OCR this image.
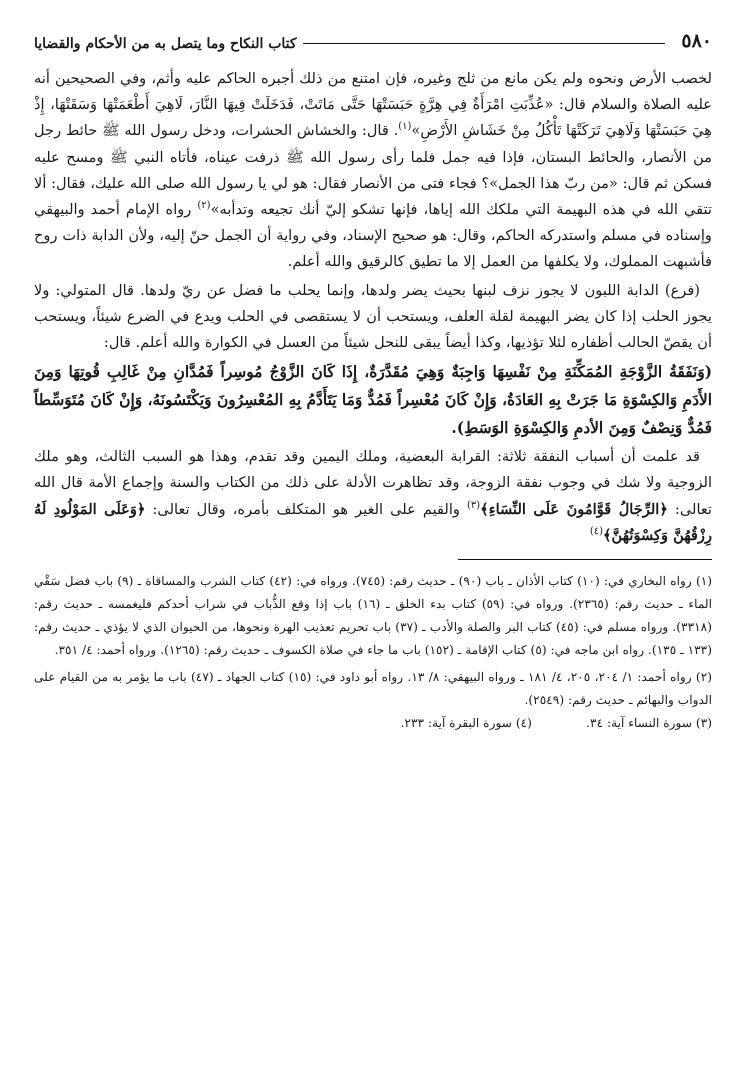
٥٨٠
كتاب النكاح وما يتصل به من الأحكام والقضايا

لخصب الأرض ونحوه ولم يكن مانع من ثلج وغيره، فإن امتنع من ذلك أجبره الحاكم عليه وأثم، وفي الصحيحين أنه عليه الصلاة والسلام قال: «عُذِّبَتِ امْرَأَةٌ فِي هِرَّةٍ حَبَسَتْهَا حَتَّى مَاتَتْ، فَدَخَلَتْ فِيهَا النَّارَ، لَاهِيَ أَطْعَمَتْهَا وَسَقَتْهَا، إِذْ هِيَ حَبَسَتْهَا وَلَاهِيَ تَرَكَتْهَا تَأْكُلُ مِنْ خَشَاشِ الأَرْضِ»$^{(١)}$. قال: والخشاش الحشرات، ودخل رسول الله ﷺ حائط رجل من الأنصار، والحائط البستان، فإذا فيه جمل فلما رأى رسول الله ﷺ ذرفت عيناه، فأتاه النبي ﷺ ومسح عليه فسكن ثم قال: «من ربّ هذا الجمل»؟ فجاء فتى من الأنصار فقال: هو لي يا رسول الله صلى الله عليك، فقال: ألا تتقي الله في هذه البهيمة التي ملكك الله إياها، فإنها تشكو إليّ أنك تجيعه وتدأبه»$^{(٢)}$ رواه الإمام أحمد والبيهقي وإسناده في مسلم واستدركه الحاكم، وقال: هو صحيح الإسناد، وفي رواية أن الجمل حنّ إليه، ولأن الدابة ذات روح فأشبهت المملوك، ولا يكلفها من العمل إلا ما تطيق كالرقيق والله أعلم.

(فرع) الدابة اللبون لا يجوز نزف لبنها بحيث يضر ولدها، وإنما يحلب ما فضل عن ريّ ولدها. قال المتولي: ولا يجوز الحلب إذا كان يضر البهيمة لقلة العلف، ويستحب أن لا يستقصى في الحلب ويدع في الضرع شيئاً، ويستحب أن يقصّ الحالب أظفاره لئلا تؤذيها، وكذا أيضاً يبقى للنحل شيئاً من العسل في الكوارة والله أعلم. قال:

(وَنَفَقَةُ الزَّوْجَةِ المُمَكِّنَةِ مِنْ نَفْسِهَا وَاجِبَةٌ وَهِيَ مُقَدَّرَةٌ، إِذَا كَانَ الزَّوْجُ مُوسِراً فَمُدَّانِ مِنْ غَالِبِ قُوتِهَا وَمِنَ الأَدَمِ وَالكِسْوَةِ مَا جَرَتْ بِهِ العَادَةُ، وَإِنْ كَانَ مُعْسِراً فَمُدٌّ وَمَا يَتَأَدَّمُ بِهِ المُعْسِرُونَ وَيَكْتَسُونَهُ، وَإِنْ كَانَ مُتَوَسِّطاً فَمُدٌّ وَنِصْفٌ وَمِنَ الأدمِ وَالكِسْوَةِ الوَسَطِ).

قد علمت أن أسباب النفقة ثلاثة: القرابة البعضية، وملك اليمين وقد تقدم، وهذا هو السبب الثالث، وهو ملك الزوجية ولا شك في وجوب نفقة الزوجة، وقد تظاهرت الأدلة على ذلك من الكتاب والسنة وإجماع الأمة قال الله تعالى: ﴿الرِّجَالُ قَوَّامُونَ عَلَى النِّسَاءِ﴾$^{(٣)}$ والقيم على الغير هو المتكلف بأمره، وقال تعالى: ﴿وَعَلَى المَوْلُودِ لَهُ رِزْقُهُنَّ وَكِسْوَتُهُنَّ﴾$^{(٤)}$

(١) رواه البخاري في: (١٠) كتاب الأذان ـ باب (٩٠) ـ حديث رقم: (٧٤٥). ورواه في: (٤٢) كتاب الشرب والمساقاة ـ (٩) باب فضل سَقْي الماء ـ حديث رقم: (٢٣٦٥). ورواه في: (٥٩) كتاب بدء الخلق ـ (١٦) باب إذا وقع الذُّباب في شراب أحدكم فليغمسه ـ حديث رقم: (٣٣١٨). ورواه مسلم في: (٤٥) كتاب البر والصلة والأدب ـ (٣٧) باب تحريم تعذيب الهرة ونحوها، من الحيوان الذي لا يؤذي ـ حديث رقم: (١٣٣ ـ ١٣٥). رواه ابن ماجه في: (٥) كتاب الإقامة ـ (١٥٢) باب ما جاء في صلاة الكسوف ـ حديث رقم: (١٢٦٥). ورواه أحمد: ٤/ ٣٥١.

(٢) رواه أحمد: ١/ ٢٠٤، ٢٠٥، ٤/ ١٨١ ـ ورواه البيهقي: ٨/ ١٣. رواه أبو داود في: (١٥) كتاب الجهاد ـ (٤٧) باب ما يؤمر به من القيام على الدواب والبهائم ـ حديث رقم: (٢٥٤٩).

(٣) سورة النساء آية: ٣٤.              (٤) سورة البقرة آية: ٢٣٣.
